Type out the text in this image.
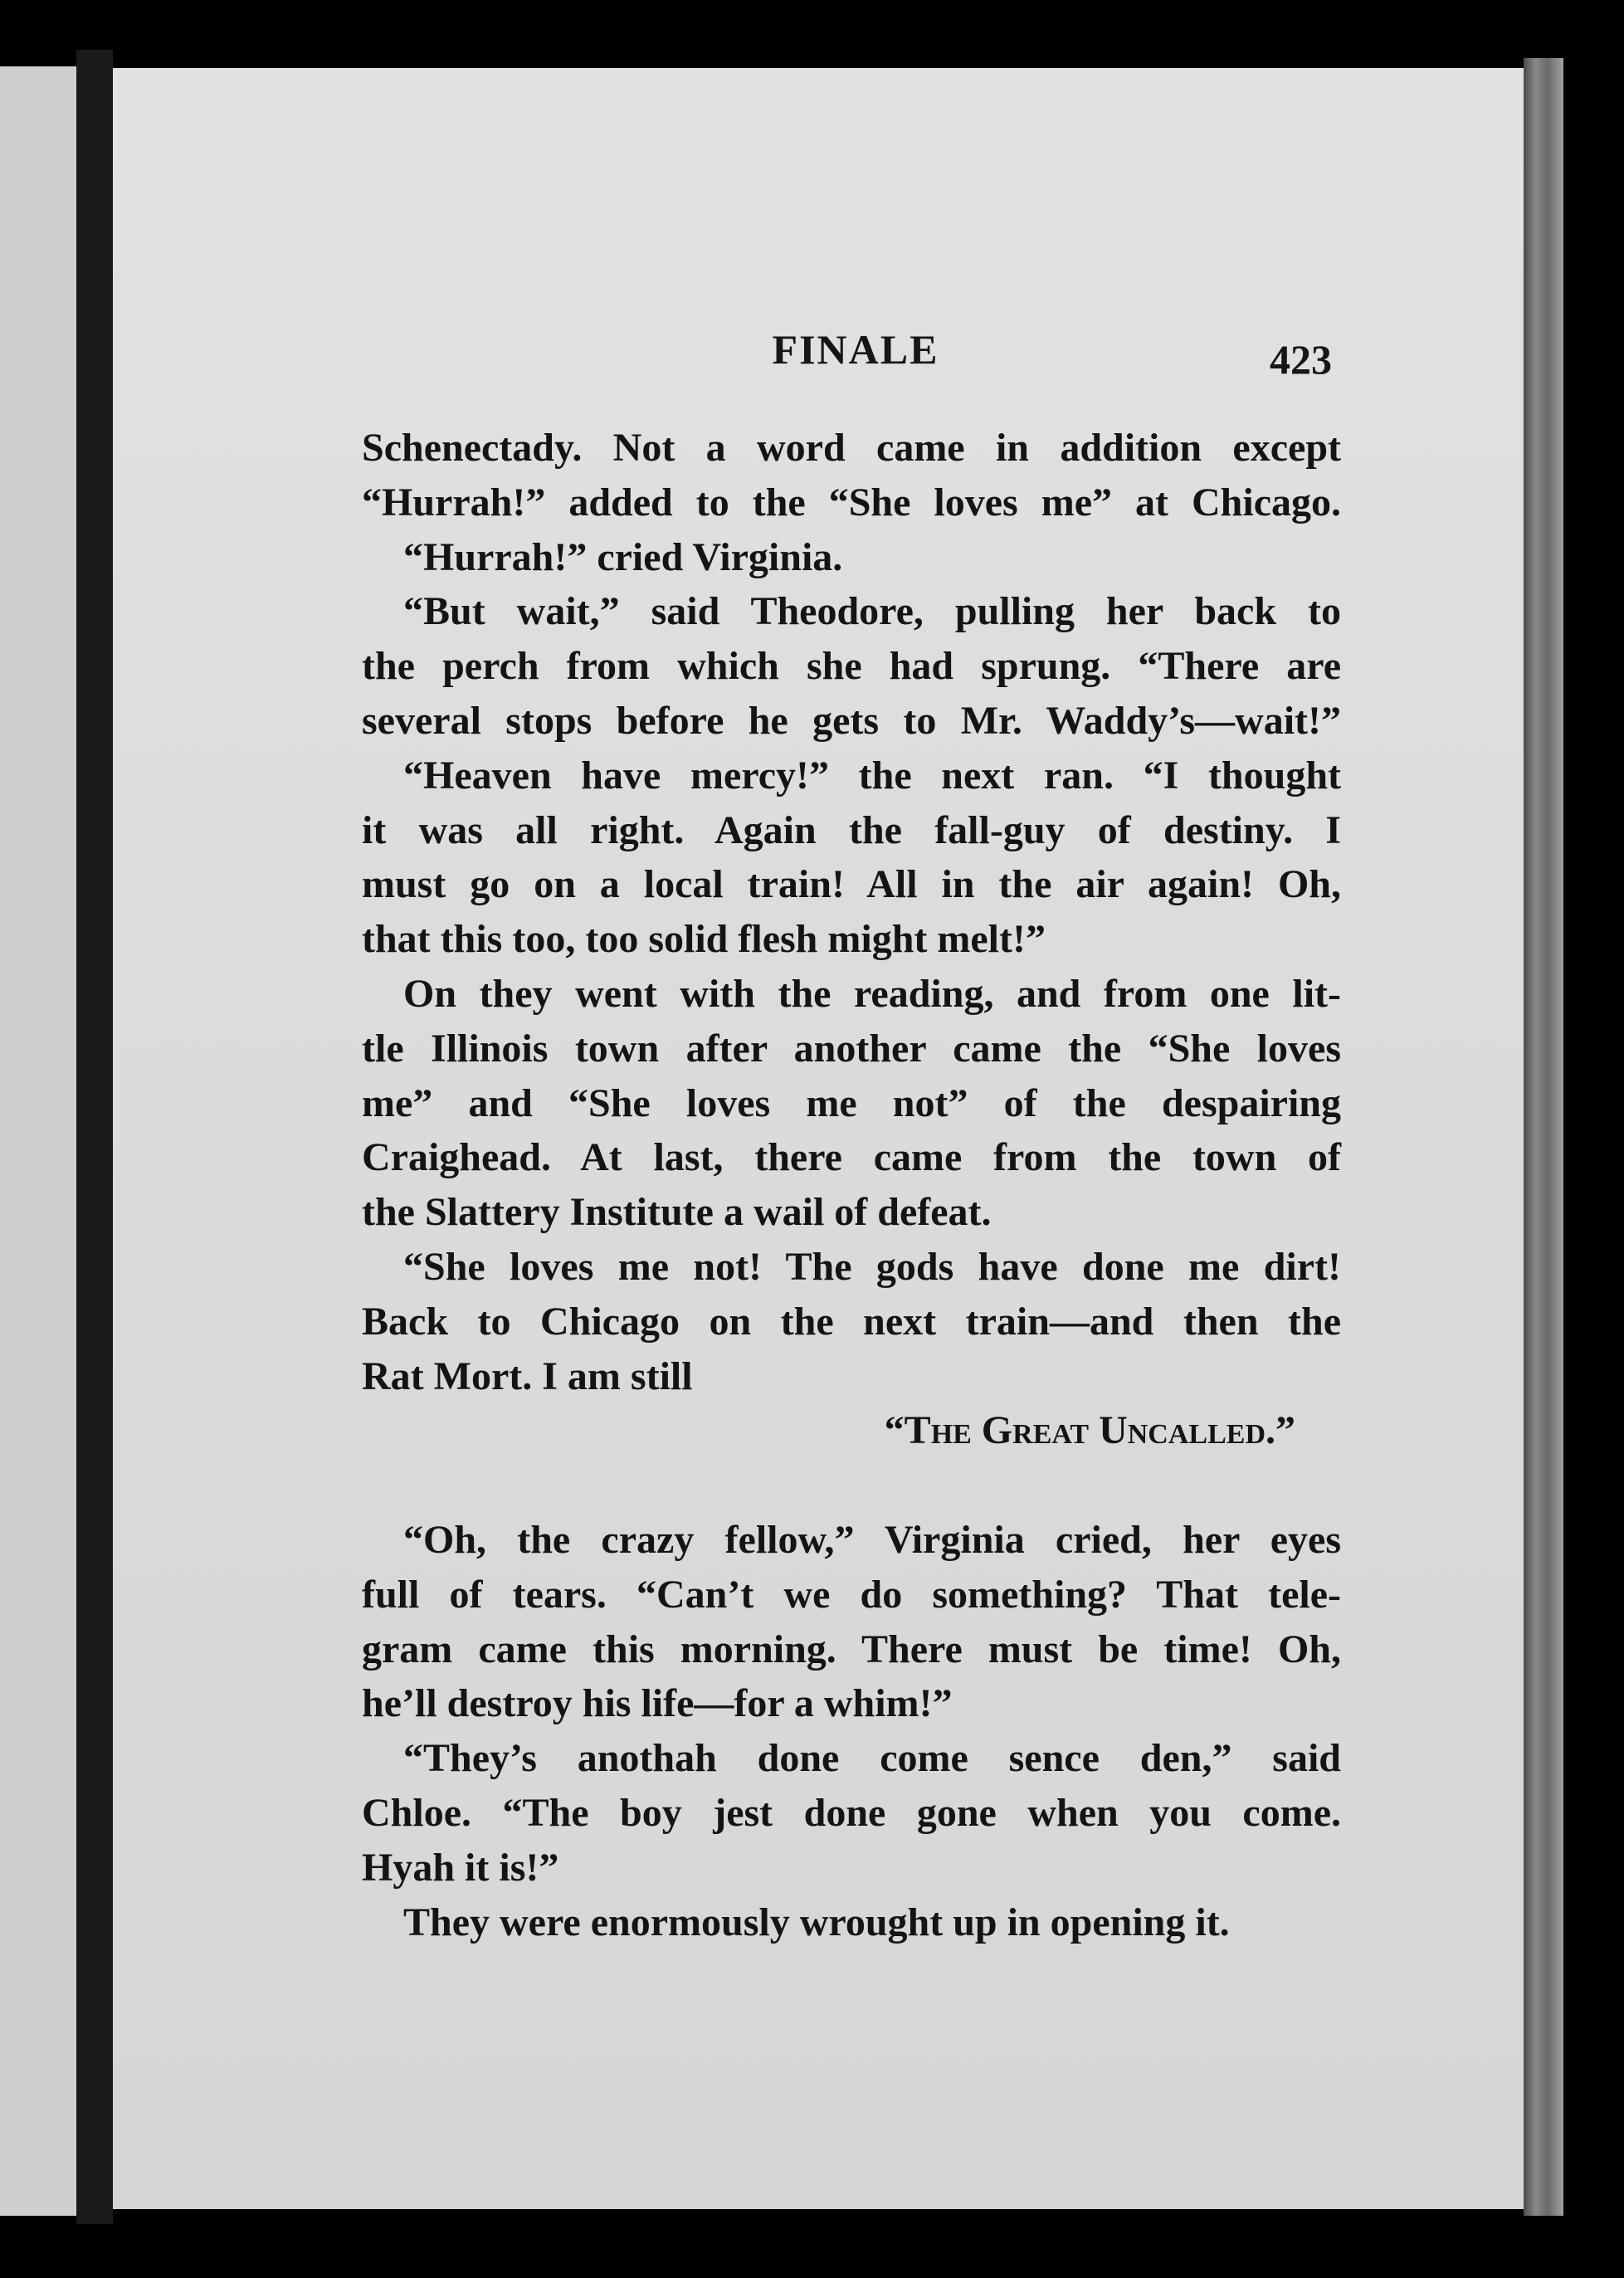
FINALE	423
Schenectady. Not a word came in addition except
“Hurrah!” added to the “She loves me” at Chicago.
“Hurrah!” cried Virginia.
“But wait,” said Theodore, pulling her back to
the perch from which she had sprung. “There are
several stops before he gets to Mr. Waddy’s—wait!”
“Heaven have mercy!” the next ran. “I thought
it was all right. Again the fall-guy of destiny. I
must go on a local train! All in the air again! Oh,
that this too, too solid flesh might melt!”
On they went with the reading, and from one lit-
tle Illinois town after another came the “She loves
me” and “She loves me not” of the despairing
Craighead. At last, there came from the town of
the Slattery Institute a wail of defeat.
“She loves me not! The gods have done me dirt!
Back to Chicago on the next train—and then the
Rat Mort. I am still
“The Great Uncalled.”
“Oh, the crazy fellow,” Virginia cried, her eyes
full of tears. “Can’t we do something? That tele-
gram came this morning. There must be time! Oh,
he’ll destroy his life—for a whim!”
“They’s anothah done come sence den,” said
Chloe. “The boy jest done gone when you come.
Hyah it is!”
They were enormously wrought up in opening it.
